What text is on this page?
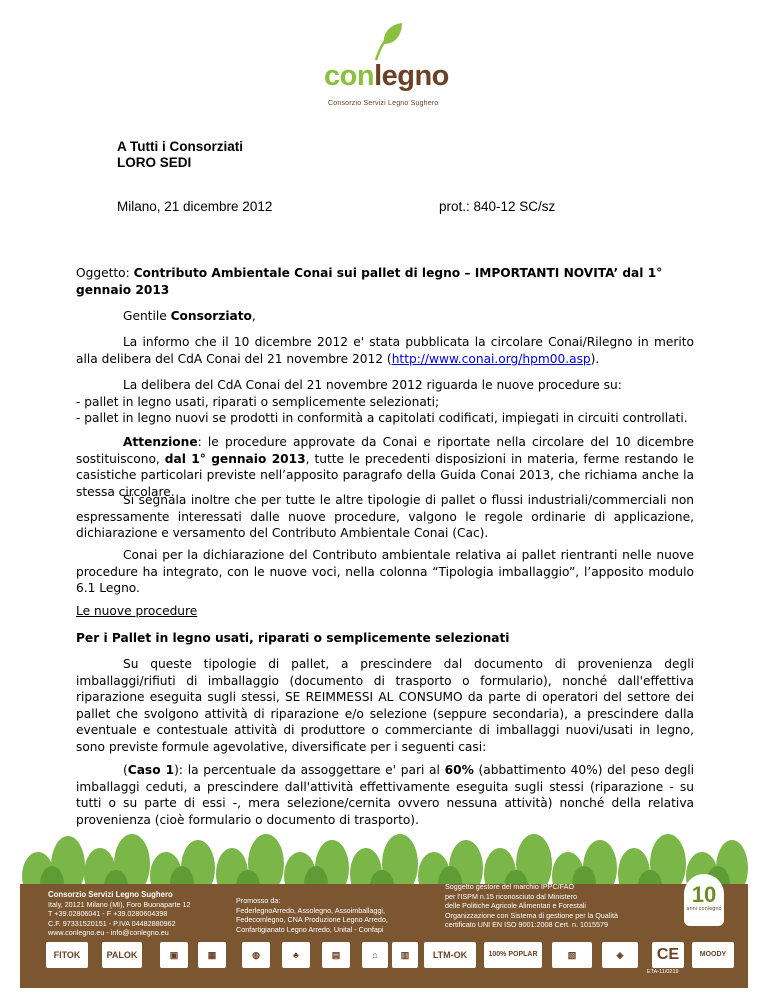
conlegno
Consorzio Servizi Legno Sughero
A Tutti i Consorziati
LORO SEDI
Milano, 21 dicembre 2012	prot.: 840-12 SC/sz
Oggetto: Contributo Ambientale Conai sui pallet di legno – IMPORTANTI NOVITA’ dal 1° gennaio 2013
Gentile Consorziato,
La informo che il 10 dicembre 2012 e' stata pubblicata la circolare Conai/Rilegno in merito alla delibera del CdA Conai del 21 novembre 2012 (http://www.conai.org/hpm00.asp).
La delibera del CdA Conai del 21 novembre 2012 riguarda le nuove procedure su:
- pallet in legno usati, riparati o semplicemente selezionati;
- pallet in legno nuovi se prodotti in conformità a capitolati codificati, impiegati in circuiti controllati.
Attenzione: le procedure approvate da Conai e riportate nella circolare del 10 dicembre sostituiscono, dal 1° gennaio 2013, tutte le precedenti disposizioni in materia, ferme restando le casistiche particolari previste nell’apposito paragrafo della Guida Conai 2013, che richiama anche la stessa circolare.
Si segnala inoltre che per tutte le altre tipologie di pallet o flussi industriali/commerciali non espressamente interessati dalle nuove procedure, valgono le regole ordinarie di applicazione, dichiarazione e versamento del Contributo Ambientale Conai (Cac).
Conai per la dichiarazione del Contributo ambientale relativa ai pallet rientranti nelle nuove procedure ha integrato, con le nuove voci, nella colonna “Tipologia imballaggio”, l’apposito modulo 6.1 Legno.
Le nuove procedure
Per i Pallet in legno usati, riparati o semplicemente selezionati
Su queste tipologie di pallet, a prescindere dal documento di provenienza degli imballaggi/rifiuti di imballaggio (documento di trasporto o formulario), nonché dall'effettiva riparazione eseguita sugli stessi, SE REIMMESSI AL CONSUMO da parte di operatori del settore dei pallet che svolgono attività di riparazione e/o selezione (seppure secondaria), a prescindere dalla eventuale e contestuale attività di produttore o commerciante di imballaggi nuovi/usati in legno, sono previste formule agevolative, diversificate per i seguenti casi:
(Caso 1): la percentuale da assoggettare e' pari al 60% (abbattimento 40%) del peso degli imballaggi ceduti, a prescindere dall'attività effettivamente eseguita sugli stessi (riparazione - su tutti o su parte di essi -, mera selezione/cernita ovvero nessuna attività) nonché della relativa provenienza (cioè formulario o documento di trasporto).
Consorzio Servizi Legno Sughero
Italy, 20121 Milano (MI), Foro Buonaparte 12
T +39.02806041 - F +39.0280604398
C.F. 97331520151 - P.IVA 04482880962
www.conlegno.eu - info@conlegno.eu
Promosso da:
FederlegnoArredo, Assolegno, Assoimballaggi,
Fedecomlegno, CNA Produzione Legno Arredo,
Confartigianato Legno Arredo, Unital - Confapi
Soggetto gestore del marchio IPPC/FAO
per l'ISPM n.15 riconosciuto dal Ministero
delle Politiche Agricole Alimentari e Forestali
Organizzazione con Sistema di gestione per la Qualità
certificato UNI EN ISO 9001:2008 Cert. n. 1015579
10
anni conlegno
FITOK	PALOK	▣	▦	◍	♣	▤	⌂	▥	LTM-OK	100% POPLAR	▧	◈	CE
ETA-11/0219
MOODY
